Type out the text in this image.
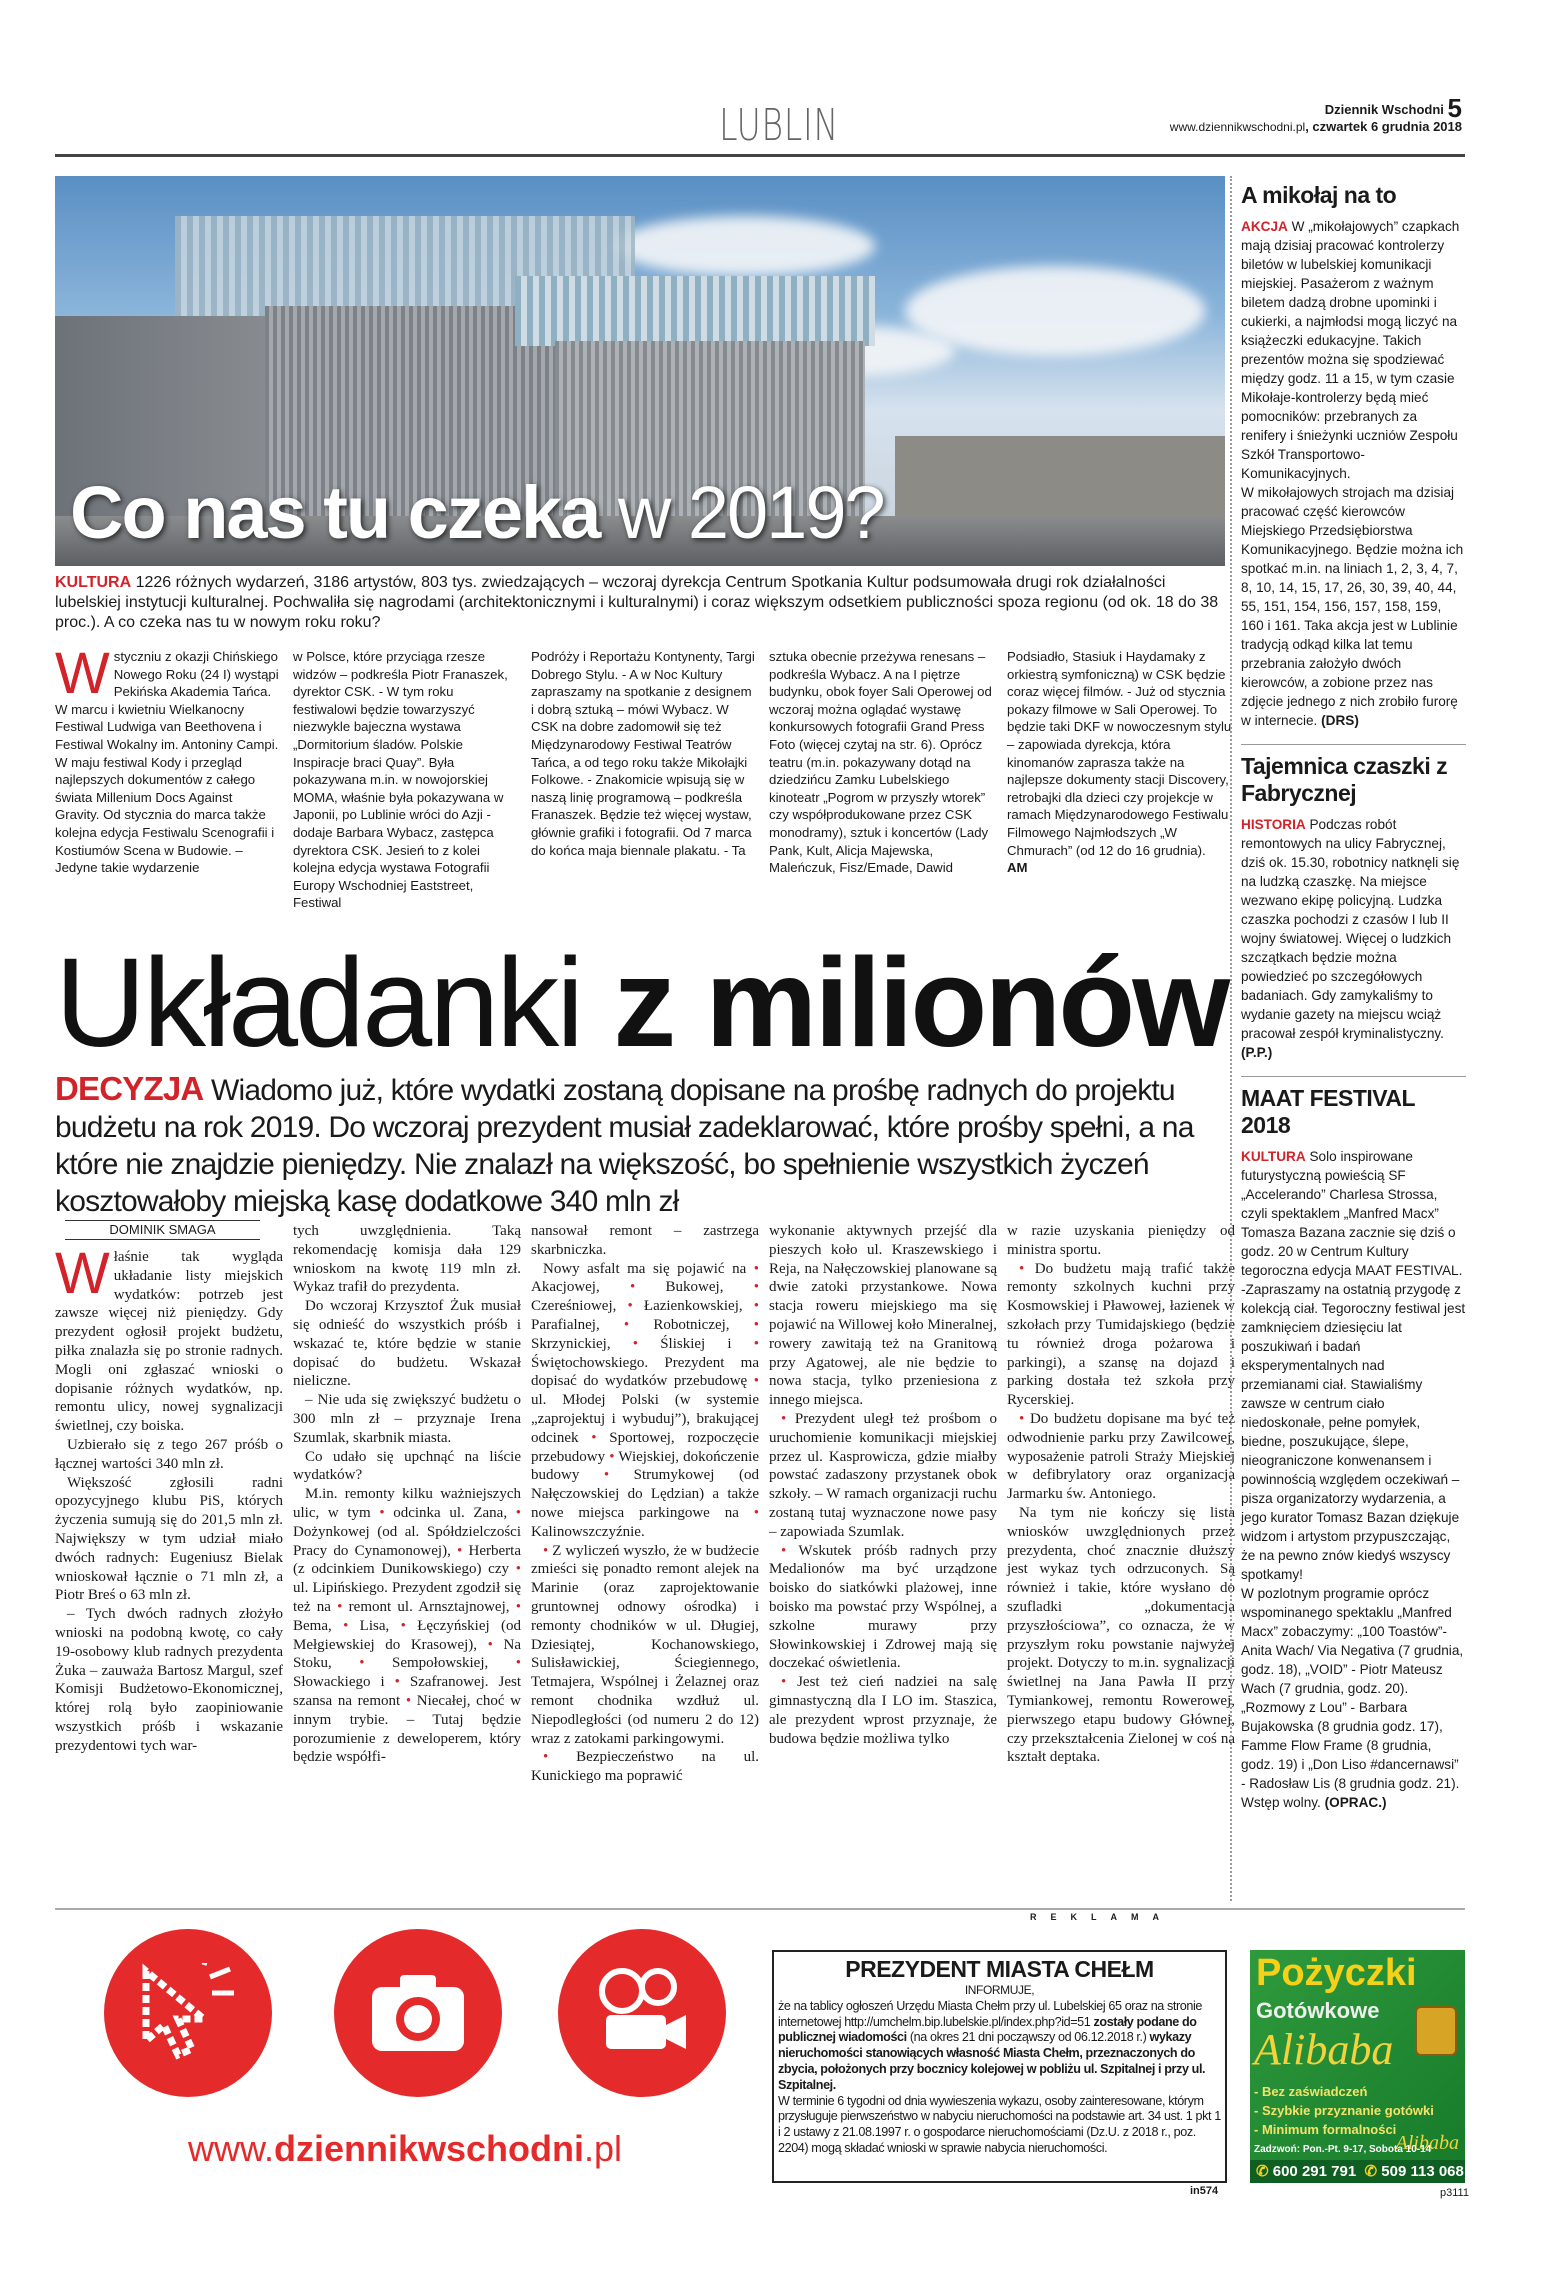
LUBLIN	Dziennik Wschodni 5
www.dziennikwschodni.pl, czwartek 6 grudnia 2018
Co nas tu czeka w 2019?
KULTURA 1226 różnych wydarzeń, 3186 artystów, 803 tys. zwiedzających – wczoraj dyrekcja Centrum Spotkania Kultur podsumowała drugi rok działalności lubelskiej instytucji kulturalnej. Pochwaliła się nagrodami (architektonicznymi i kulturalnymi) i coraz większym odsetkiem publiczności spoza regionu (od ok. 18 do 38 proc.). A co czeka nas tu w nowym roku roku?

Wstyczniu z okazji Chińskiego Nowego Roku (24 I) wystąpi Pekińska Akademia Tańca. W marcu i kwietniu Wielkanocny Festiwal Ludwiga van Beethovena i Festiwal Wokalny im. Antoniny Campi. W maju festiwal Kody i przegląd najlepszych dokumentów z całego świata Millenium Docs Against Gravity. Od stycznia do marca także kolejna edycja Festiwalu Scenografii i Kostiumów Scena w Budowie. – Jedyne takie wydarzenie

w Polsce, które przyciąga rzesze widzów – podkreśla Piotr Franaszek, dyrektor CSK. - W tym roku festiwalowi będzie towarzyszyć niezwykle bajeczna wystawa „Dormitorium śladów. Polskie Inspiracje braci Quay”. Była pokazywana m.in. w nowojorskiej MOMA, właśnie była pokazywana w Japonii, po Lublinie wróci do Azji - dodaje Barbara Wybacz, zastępca dyrektora CSK. Jesień to z kolei kolejna edycja wystawa Fotografii Europy Wschodniej Eaststreet, Festiwal

Podróży i Reportażu Kontynenty, Targi Dobrego Stylu. - A w Noc Kultury zapraszamy na spotkanie z designem i dobrą sztuką – mówi Wybacz. W CSK na dobre zadomowił się też Międzynarodowy Festiwal Teatrów Tańca, a od tego roku także Mikołajki Folkowe. - Znakomicie wpisują się w naszą linię programową – podkreśla Franaszek. Będzie też więcej wystaw, głównie grafiki i fotografii. Od 7 marca do końca maja biennale plakatu. - Ta

sztuka obecnie przeżywa renesans – podkreśla Wybacz. A na I piętrze budynku, obok foyer Sali Operowej od wczoraj można oglądać wystawę konkursowych fotografii Grand Press Foto (więcej czytaj na str. 6). Oprócz teatru (m.in. pokazywany dotąd na dziedzińcu Zamku Lubelskiego kinoteatr „Pogrom w przyszły wtorek” czy współprodukowane przez CSK monodramy), sztuk i koncertów (Lady Pank, Kult, Alicja Majewska, Maleńczuk, Fisz/Emade, Dawid

Podsiadło, Stasiuk i Haydamaky z orkiestrą symfoniczną) w CSK będzie coraz więcej filmów. - Już od stycznia pokazy filmowe w Sali Operowej. To będzie taki DKF w nowoczesnym stylu – zapowiada dyrekcja, która kinomanów zaprasza także na najlepsze dokumenty stacji Discovery, retrobajki dla dzieci czy projekcje w ramach Międzynarodowego Festiwalu Filmowego Najmłodszych „W Chmurach” (od 12 do 16 grudnia).

AM
Układanki z milionów
DECYZJA Wiadomo już, które wydatki zostaną dopisane na prośbę radnych do projektu budżetu na rok 2019. Do wczoraj prezydent musiał zadeklarować, które prośby spełni, a na które nie znajdzie pieniędzy. Nie znalazł na większość, bo spełnienie wszystkich życzeń kosztowałoby miejską kasę dodatkowe 340 mln zł
DOMINIK SMAGA

Właśnie tak wygląda układanie listy miejskich wydatków: potrzeb jest zawsze więcej niż pieniędzy. Gdy prezydent ogłosił projekt budżetu, piłka znalazła się po stronie radnych. Mogli oni zgłaszać wnioski o dopisanie różnych wydatków, np. remontu ulicy, nowej sygnalizacji świetlnej, czy boiska.

Uzbierało się z tego 267 próśb o łącznej wartości 340 mln zł.

Większość zgłosili radni opozycyjnego klubu PiS, których życzenia sumują się do 201,5 mln zł. Największy w tym udział miało dwóch radnych: Eugeniusz Bielak wnioskował łącznie o 71 mln zł, a Piotr Breś o 63 mln zł.

– Tych dwóch radnych złożyło wnioski na podobną kwotę, co cały 19-osobowy klub radnych prezydenta Żuka – zauważa Bartosz Margul, szef Komisji Budżetowo-Ekonomicznej, której rolą było zaopiniowanie wszystkich próśb i wskazanie prezydentowi tych war-

tych uwzględnienia. Taką rekomendację komisja dała 129 wnioskom na kwotę 119 mln zł. Wykaz trafił do prezydenta.

Do wczoraj Krzysztof Żuk musiał się odnieść do wszystkich próśb i wskazać te, które będzie w stanie dopisać do budżetu. Wskazał nieliczne.

– Nie uda się zwiększyć budżetu o 300 mln zł – przyznaje Irena Szumlak, skarbnik miasta.

Co udało się upchnąć na liście wydatków?

M.in. remonty kilku ważniejszych ulic, w tym • odcinka ul. Zana, • Dożynkowej (od al. Spółdzielczości Pracy do Cynamonowej), • Herberta (z odcinkiem Dunikowskiego) czy • ul. Lipińskiego. Prezydent zgodził się też na • remont ul. Arnsztajnowej, • Bema, • Lisa, • Łęczyńskiej (od Mełgiewskiej do Krasowej), • Na Stoku, • Sempołowskiej, • Słowackiego i • Szafranowej. Jest szansa na remont • Niecałej, choć w innym trybie. – Tutaj będzie porozumienie z deweloperem, który będzie współfi-

nansował remont – zastrzega skarbniczka.

Nowy asfalt ma się pojawić na • Akacjowej, • Bukowej, • Czereśniowej, • Łazienkowskiej, • Parafialnej, • Robotniczej, • Skrzynickiej, • Śliskiej i • Świętochowskiego. Prezydent ma dopisać do wydatków przebudowę • ul. Młodej Polski (w systemie „zaprojektuj i wybuduj”), brakującej odcinek • Sportowej, rozpoczęcie przebudowy • Wiejskiej, dokończenie budowy • Strumykowej (od Nałęczowskiej do Lędzian) a także nowe miejsca parkingowe na • Kalinowszczyźnie.

• Z wyliczeń wyszło, że w budżecie zmieści się ponadto remont alejek na Marinie (oraz zaprojektowanie gruntownej odnowy ośrodka) i remonty chodników w ul. Długiej, Dziesiątej, Kochanowskiego, Sulisławickiej, Ściegiennego, Tetmajera, Wspólnej i Żelaznej oraz remont chodnika wzdłuż ul. Niepodległości (od numeru 2 do 12) wraz z zatokami parkingowymi.

• Bezpieczeństwo na ul. Kunickiego ma poprawić

wykonanie aktywnych przejść dla pieszych koło ul. Kraszewskiego i Reja, na Nałęczowskiej planowane są dwie zatoki przystankowe. Nowa stacja roweru miejskiego ma się pojawić na Willowej koło Mineralnej, rowery zawitają też na Granitową przy Agatowej, ale nie będzie to nowa stacja, tylko przeniesiona z innego miejsca.

• Prezydent uległ też prośbom o uruchomienie komunikacji miejskiej przez ul. Kasprowicza, gdzie miałby powstać zadaszony przystanek obok szkoły. – W ramach organizacji ruchu zostaną tutaj wyznaczone nowe pasy – zapowiada Szumlak.

• Wskutek próśb radnych przy Medalionów ma być urządzone boisko do siatkówki plażowej, inne boisko ma powstać przy Wspólnej, a szkolne murawy przy Słowinkowskiej i Zdrowej mają się doczekać oświetlenia.

• Jest też cień nadziei na salę gimnastyczną dla I LO im. Staszica, ale prezydent wprost przyznaje, że budowa będzie możliwa tylko

w razie uzyskania pieniędzy od ministra sportu.

• Do budżetu mają trafić także remonty szkolnych kuchni przy Kosmowskiej i Pławowej, łazienek w szkołach przy Tumidajskiego (będzie tu również droga pożarowa i parkingi), a szansę na dojazd i parking dostała też szkoła przy Rycerskiej.

• Do budżetu dopisane ma być też odwodnienie parku przy Zawilcowej, wyposażenie patroli Straży Miejskiej w defibrylatory oraz organizacja Jarmarku św. Antoniego.

Na tym nie kończy się lista wniosków uwzględnionych przez prezydenta, choć znacznie dłuższy jest wykaz tych odrzuconych. Są również i takie, które wysłano do szufladki „dokumentacja przyszłościowa”, co oznacza, że w przyszłym roku powstanie najwyżej projekt. Dotyczy to m.in. sygnalizacji świetlnej na Jana Pawła II przy Tymiankowej, remontu Rowerowej, pierwszego etapu budowy Głównej, czy przekształcenia Zielonej w coś na kształt deptaka.

A mikołaj na to
AKCJA W „mikołajowych” czapkach mają dzisiaj pracować kontrolerzy biletów w lubelskiej komunikacji miejskiej. Pasażerom z ważnym biletem dadzą drobne upominki i cukierki, a najmłodsi mogą liczyć na książeczki edukacyjne. Takich prezentów można się spodziewać między godz. 11 a 15, w tym czasie Mikołaje-kontrolerzy będą mieć pomocników: przebranych za renifery i śnieżynki uczniów Zespołu Szkół Transportowo-Komunikacyjnych.
W mikołajowych strojach ma dzisiaj pracować część kierowców Miejskiego Przedsiębiorstwa Komunikacyjnego. Będzie można ich spotkać m.in. na liniach 1, 2, 3, 4, 7, 8, 10, 14, 15, 17, 26, 30, 39, 40, 44, 55, 151, 154, 156, 157, 158, 159, 160 i 161. Taka akcja jest w Lublinie tradycją odkąd kilka lat temu przebrania założyło dwóch kierowców, a zobione przez nas zdjęcie jednego z nich zrobiło furorę w internecie. (DRS)
Tajemnica czaszki z Fabrycznej
HISTORIA Podczas robót remontowych na ulicy Fabrycznej, dziś ok. 15.30, robotnicy natknęli się na ludzką czaszkę. Na miejsce wezwano ekipę policyjną. Ludzka czaszka pochodzi z czasów I lub II wojny światowej. Więcej o ludzkich szczątkach będzie można powiedzieć po szczegółowych badaniach. Gdy zamykaliśmy to wydanie gazety na miejscu wciąż pracował zespół kryminalistyczny. (P.P.)
MAAT FESTIVAL 2018
KULTURA Solo inspirowane futurystyczną powieścią SF „Accelerando” Charlesa Strossa, czyli spektaklem „Manfred Macx” Tomasza Bazana zacznie się dziś o godz. 20 w Centrum Kultury tegoroczna edycja MAAT FESTIVAL.
-Zapraszamy na ostatnią przygodę z kolekcją ciał. Tegoroczny festiwal jest zamknięciem dziesięciu lat poszukiwań i badań eksperymentalnych nad przemianami ciał. Stawialiśmy zawsze w centrum ciało niedoskonałe, pełne pomyłek, biedne, poszukujące, ślepe, nieograniczone konwenansem i powinnością względem oczekiwań – pisza organizatorzy wydarzenia, a jego kurator Tomasz Bazan dziękuje widzom i artystom przypuszczając, że na pewno znów kiedyś wszyscy spotkamy!
W pozlotnym programie oprócz wspominanego spektaklu „Manfred Macx” zobaczymy: „100 Toastów”- Anita Wach/ Via Negativa (7 grudnia, godz. 18), „VOID” - Piotr Mateusz Wach (7 grudnia, godz. 20). „Rozmowy z Lou” - Barbara Bujakowska (8 grudnia godz. 17), Famme Flow Frame (8 grudnia, godz. 19) i „Don Liso #dancernawsi” - Radosław Lis (8 grudnia godz. 21). Wstęp wolny. (OPRAC.)
www.dziennikwschodni.pl
REKLAMA
PREZYDENT MIASTA CHEŁM
INFORMUJE,
że na tablicy ogłoszeń Urzędu Miasta Chełm przy ul. Lubelskiej 65 oraz na stronie internetowej http://umchelm.bip.lubelskie.pl/index.php?id=51 zostały podane do publicznej wiadomości (na okres 21 dni począwszy od 06.12.2018 r.) wykazy nieruchomości stanowiących własność Miasta Chełm, przeznaczonych do zbycia, położonych przy bocznicy kolejowej w pobliżu ul. Szpitalnej i przy ul. Szpitalnej.
W terminie 6 tygodni od dnia wywieszenia wykazu, osoby zainteresowane, którym przysługuje pierwszeństwo w nabyciu nieruchomości na podstawie art. 34 ust. 1 pkt 1 i 2 ustawy z 21.08.1997 r. o gospodarce nieruchomościami (Dz.U. z 2018 r., poz. 2204) mogą składać wnioski w sprawie nabycia nieruchomości.
in574
Pożyczki
Gotówkowe
Alibaba
- Bez zaświadczeń
- Szybkie przyznanie gotówki
- Minimum formalności
Alibaba
Zadzwoń: Pon.-Pt. 9-17, Sobota 10-14
✆ 600 291 791 ✆ 509 113 068
p3111
